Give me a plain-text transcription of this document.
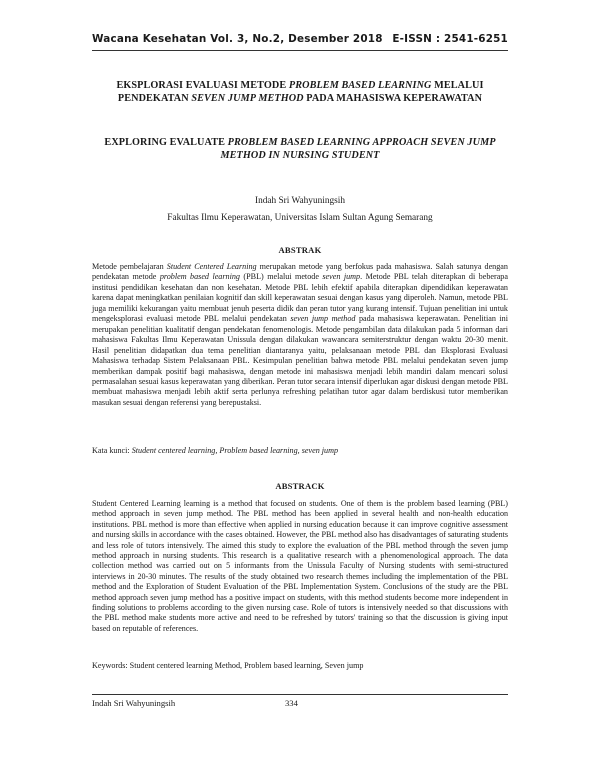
Wacana Kesehatan Vol. 3, No.2, Desember 2018 E-ISSN : 2541-6251
EKSPLORASI EVALUASI METODE PROBLEM BASED LEARNING MELALUI
PENDEKATAN SEVEN JUMP METHOD PADA MAHASISWA KEPERAWATAN
EXPLORING EVALUATE PROBLEM BASED LEARNING APPROACH SEVEN JUMP
METHOD IN NURSING STUDENT
Indah Sri Wahyuningsih
Fakultas Ilmu Keperawatan, Universitas Islam Sultan Agung Semarang
ABSTRAK
Metode pembelajaran Student Centered Learning merupakan metode yang berfokus pada mahasiswa. Salah satunya dengan pendekatan metode problem based learning (PBL) melalui metode seven jump. Metode PBL telah diterapkan di beberapa institusi pendidikan kesehatan dan non kesehatan. Metode PBL lebih efektif apabila diterapkan dipendidikan keperawatan karena dapat meningkatkan penilaian kognitif dan skill keperawatan sesuai dengan kasus yang diperoleh. Namun, metode PBL juga memiliki kekurangan yaitu membuat jenuh peserta didik dan peran tutor yang kurang intensif. Tujuan penelitian ini untuk mengeksplorasi evaluasi metode PBL melalui pendekatan seven jump method pada mahasiswa keperawatan. Penelitian ini merupakan penelitian kualitatif dengan pendekatan fenomenologis. Metode pengambilan data dilakukan pada 5 informan dari mahasiswa Fakultas Ilmu Keperawatan Unissula dengan dilakukan wawancara semiterstruktur dengan waktu 20-30 menit. Hasil penelitian didapatkan dua tema penelitian diantaranya yaitu, pelaksanaan metode PBL dan Eksplorasi Evaluasi Mahasiswa terhadap Sistem Pelaksanaan PBL. Kesimpulan penelitian bahwa metode PBL melalui pendekatan seven jump memberikan dampak positif bagi mahasiswa, dengan metode ini mahasiswa menjadi lebih mandiri dalam mencari solusi permasalahan sesuai kasus keperawatan yang diberikan. Peran tutor secara intensif diperlukan agar diskusi dengan metode PBL membuat mahasiswa menjadi lebih aktif serta perlunya refreshing pelatihan tutor agar dalam berdiskusi tutor memberikan masukan sesuai dengan referensi yang berepustaksi.
Kata kunci: Student centered learning, Problem based learning, seven jump
ABSTRACK
Student Centered Learning learning is a method that focused on students. One of them is the problem based learning (PBL) method approach in seven jump method. The PBL method has been applied in several health and non-health education institutions. PBL method is more than effective when applied in nursing education because it can improve cognitive assessment and nursing skills in accordance with the cases obtained. However, the PBL method also has disadvantages of saturating students and less role of tutors intensively. The aimed this study to explore the evaluation of the PBL method through the seven jump method approach in nursing students. This research is a qualitative research with a phenomenological approach. The data collection method was carried out on 5 informants from the Unissula Faculty of Nursing students with semi-structured interviews in 20-30 minutes. The results of the study obtained two research themes including the implementation of the PBL method and the Exploration of Student Evaluation of the PBL Implementation System. Conclusions of the study are the PBL method approach seven jump method has a positive impact on students, with this method students become more independent in finding solutions to problems according to the given nursing case. Role of tutors is intensively needed so that discussions with the PBL method make students more active and need to be refreshed by tutors' training so that the discussion is giving input based on reputable of references.
Keywords: Student centered learning Method, Problem based learning, Seven jump
Indah Sri Wahyuningsih	334
